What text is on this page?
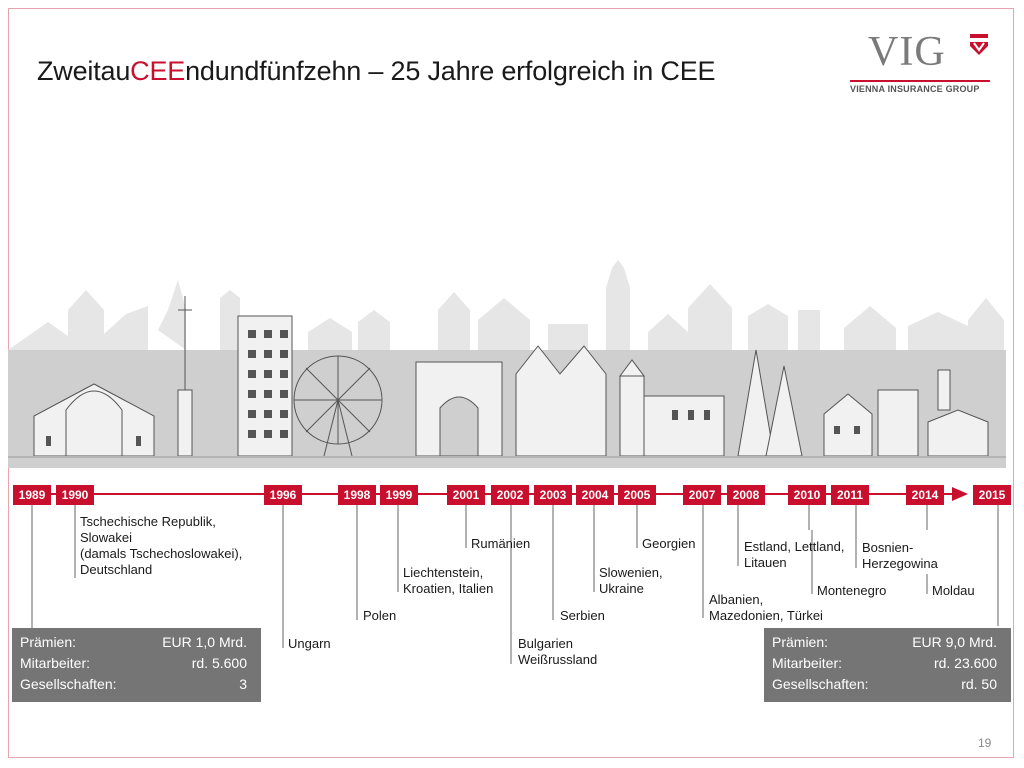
ZweitauCEEndundfünfzehn – 25 Jahre erfolgreich in CEE	VIG
VIENNA INSURANCE GROUP
1989	1990	1996	1998	1999	2001	2002	2003	2004	2005	2007	2008	2010	2011	2014	2015
Tschechische Republik,
Slowakei
(damals Tschechoslowakei),
Deutschland
Ungarn
Polen
Liechtenstein,
Kroatien, Italien
Rumänien
Bulgarien
Weißrussland
Serbien
Slowenien,
Ukraine
Georgien
Albanien,
Mazedonien, Türkei
Estland, Lettland,
Litauen
Montenegro
Bosnien-
Herzegowina
Moldau
Prämien:	EUR 1,0 Mrd.
Mitarbeiter:	rd. 5.600
Gesellschaften:	3
Prämien:	EUR 9,0 Mrd.
Mitarbeiter:	rd. 23.600
Gesellschaften:	rd. 50
19
